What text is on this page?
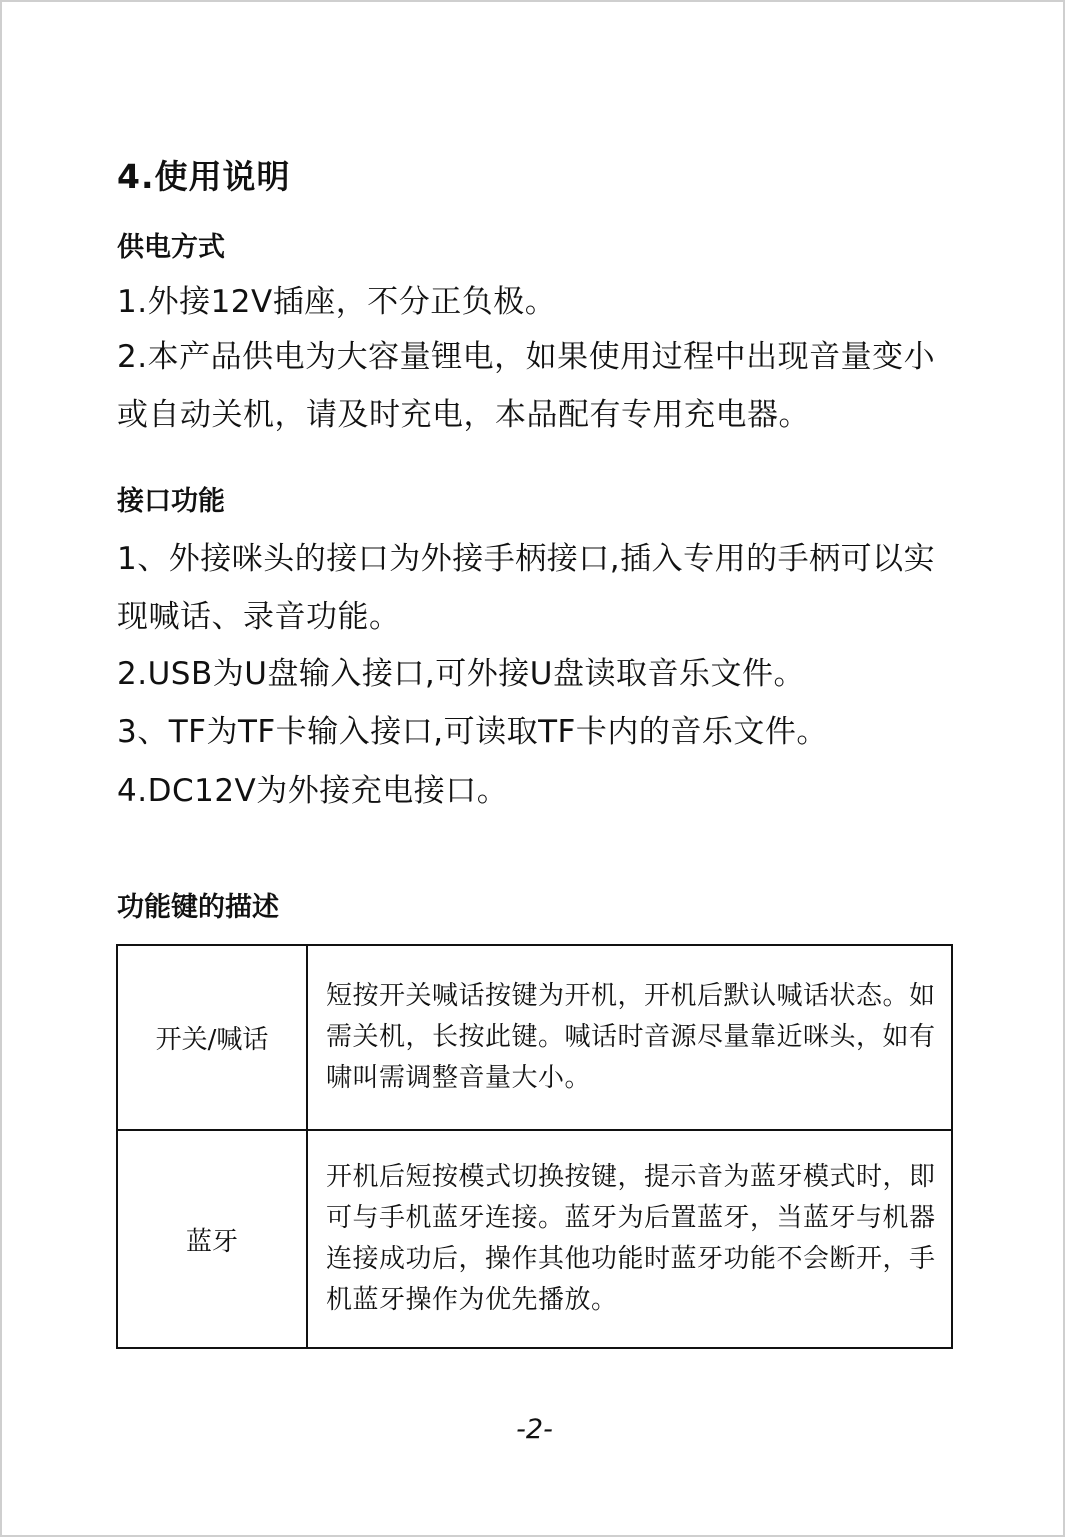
4.使用说明
供电方式

1.外接12V插座，不分正负极。

2.本产品供电为大容量锂电，如果使用过程中出现音量变小或自动关机，请及时充电，本品配有专用充电器。

接口功能

1、外接咪头的接口为外接手柄接口,插入专用的手柄可以实现喊话、录音功能。

2.USB为U盘输入接口,可外接U盘读取音乐文件。

3、TF为TF卡输入接口,可读取TF卡内的音乐文件。

4.DC12V为外接充电接口。

功能键的描述
开关/喊话
短按开关喊话按键为开机，开机后默认喊话状态。如需关机，长按此键。喊话时音源尽量靠近咪头，如有啸叫需调整音量大小。
蓝牙
开机后短按模式切换按键，提示音为蓝牙模式时，即可与手机蓝牙连接。蓝牙为后置蓝牙，当蓝牙与机器连接成功后，操作其他功能时蓝牙功能不会断开，手机蓝牙操作为优先播放。

-2-
